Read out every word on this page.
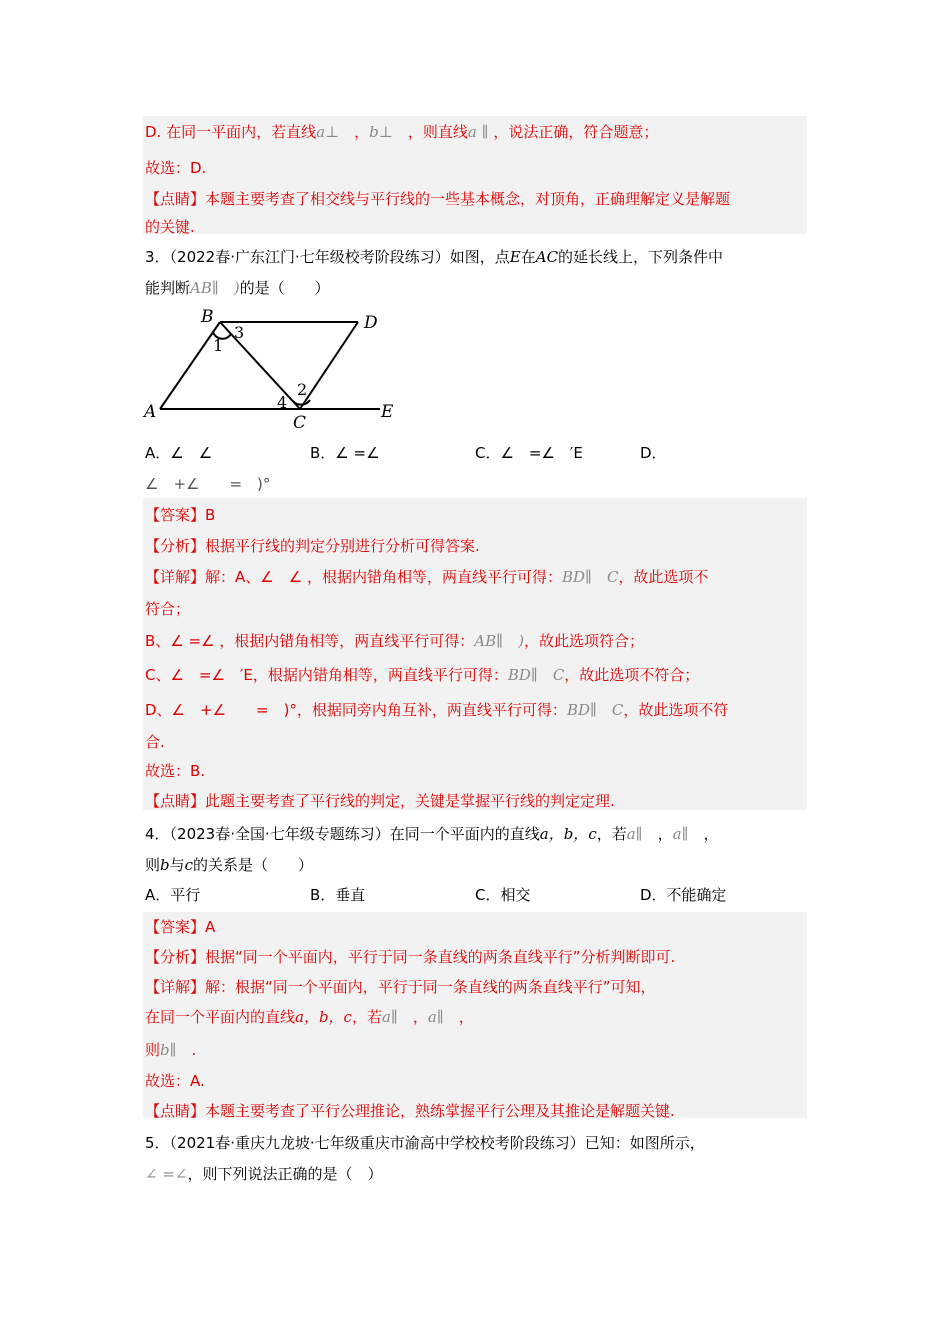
D. 在同一平面内，若直线a⊥　，b⊥　 ，则直线a ∥ ，说法正确，符合题意；
故选：D.
【点睛】本题主要考查了相交线与平行线的一些基本概念，对顶角，正确理解定义是解题
的关键.
3．（2022春·广东江门·七年级校考阶段练习）如图，点E在AC的延长线上，下列条件中
能判断AB∥　)的是（　　）
B	D
A
C
E
1
3
2
4
A．∠　∠	B．∠ =∠	C．∠　=∠　′E	D．
∠　+∠　　=　)°
【答案】B
【分析】根据平行线的判定分别进行分析可得答案.
【详解】解：A、∠　∠ ，根据内错角相等，两直线平行可得：BD∥　C，故此选项不
符合；
B、∠ =∠ ，根据内错角相等，两直线平行可得：AB∥　)，故此选项符合；
C、∠　=∠　′E，根据内错角相等，两直线平行可得：BD∥　C，故此选项不符合；
D、∠　+∠　　=　)°，根据同旁内角互补，两直线平行可得：BD∥　C，故此选项不符
合.
故选：B.
【点睛】此题主要考查了平行线的判定，关键是掌握平行线的判定定理.
4．（2023春·全国·七年级专题练习）在同一个平面内的直线a，b，c，若a∥　，a∥　，
则b与c的关系是（　　）
A．平行	B．垂直	C．相交	D．不能确定
【答案】A
【分析】根据“同一个平面内，平行于同一条直线的两条直线平行”分析判断即可.
【详解】解：根据“同一个平面内，平行于同一条直线的两条直线平行”可知，
在同一个平面内的直线a，b，c，若a∥　，a∥　，
则b∥　.
故选：A.
【点睛】本题主要考查了平行公理推论，熟练掌握平行公理及其推论是解题关键.
5．（2021春·重庆九龙坡·七年级重庆市渝高中学校校考阶段练习）已知：如图所示，
∠ =∠，则下列说法正确的是（　）
